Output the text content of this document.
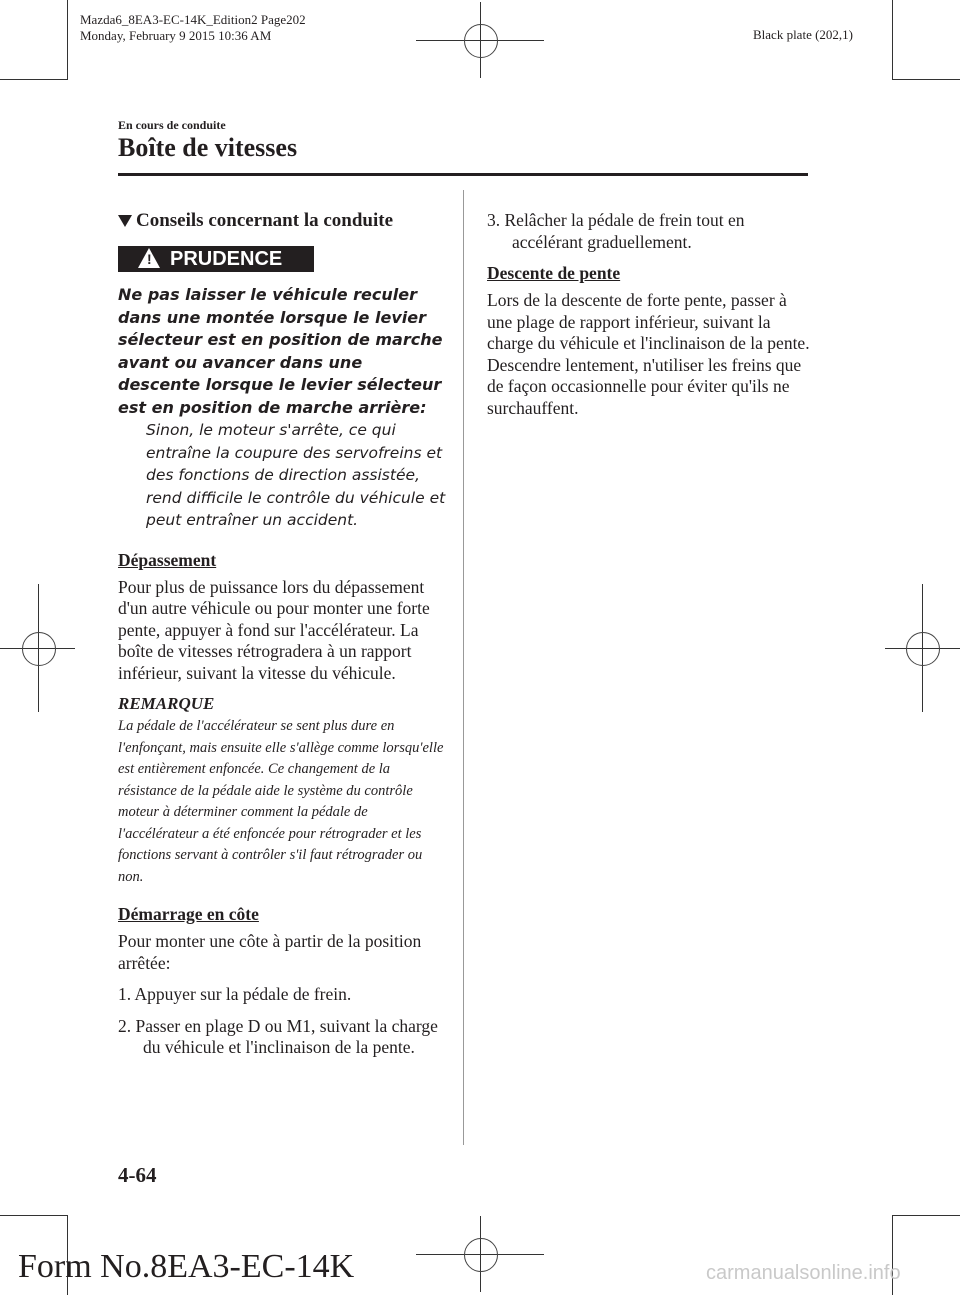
Mazda6_8EA3-EC-14K_Edition2 Page202
Monday, February 9 2015 10:36 AM	Black plate (202,1)
En cours de conduite
Boîte de vitesses
Conseils concernant la conduite
! PRUDENCE

Ne pas laisser le véhicule reculer dans une montée lorsque le levier sélecteur est en position de marche avant ou avancer dans une descente lorsque le levier sélecteur est en position de marche arrière:

Sinon, le moteur s'arrête, ce qui entraîne la coupure des servofreins et des fonctions de direction assistée, rend difficile le contrôle du véhicule et peut entraîner un accident.

Dépassement

Pour plus de puissance lors du dépassement d'un autre véhicule ou pour monter une forte pente, appuyer à fond sur l'accélérateur. La boîte de vitesses rétrogradera à un rapport inférieur, suivant la vitesse du véhicule.

REMARQUE
La pédale de l'accélérateur se sent plus dure en l'enfonçant, mais ensuite elle s'allège comme lorsqu'elle est entièrement enfoncée. Ce changement de la résistance de la pédale aide le système du contrôle moteur à déterminer comment la pédale de l'accélérateur a été enfoncée pour rétrograder et les fonctions servant à contrôler s'il faut rétrograder ou non.
Démarrage en côte

Pour monter une côte à partir de la position arrêtée:

1. Appuyer sur la pédale de frein.

2. Passer en plage D ou M1, suivant la charge du véhicule et l'inclinaison de la pente.

3. Relâcher la pédale de frein tout en accélérant graduellement.

Descente de pente

Lors de la descente de forte pente, passer à une plage de rapport inférieur, suivant la charge du véhicule et l'inclinaison de la pente. Descendre lentement, n'utiliser les freins que de façon occasionnelle pour éviter qu'ils ne surchauffent.

4-64
Form No.8EA3-EC-14K	carmanualsonline.info
